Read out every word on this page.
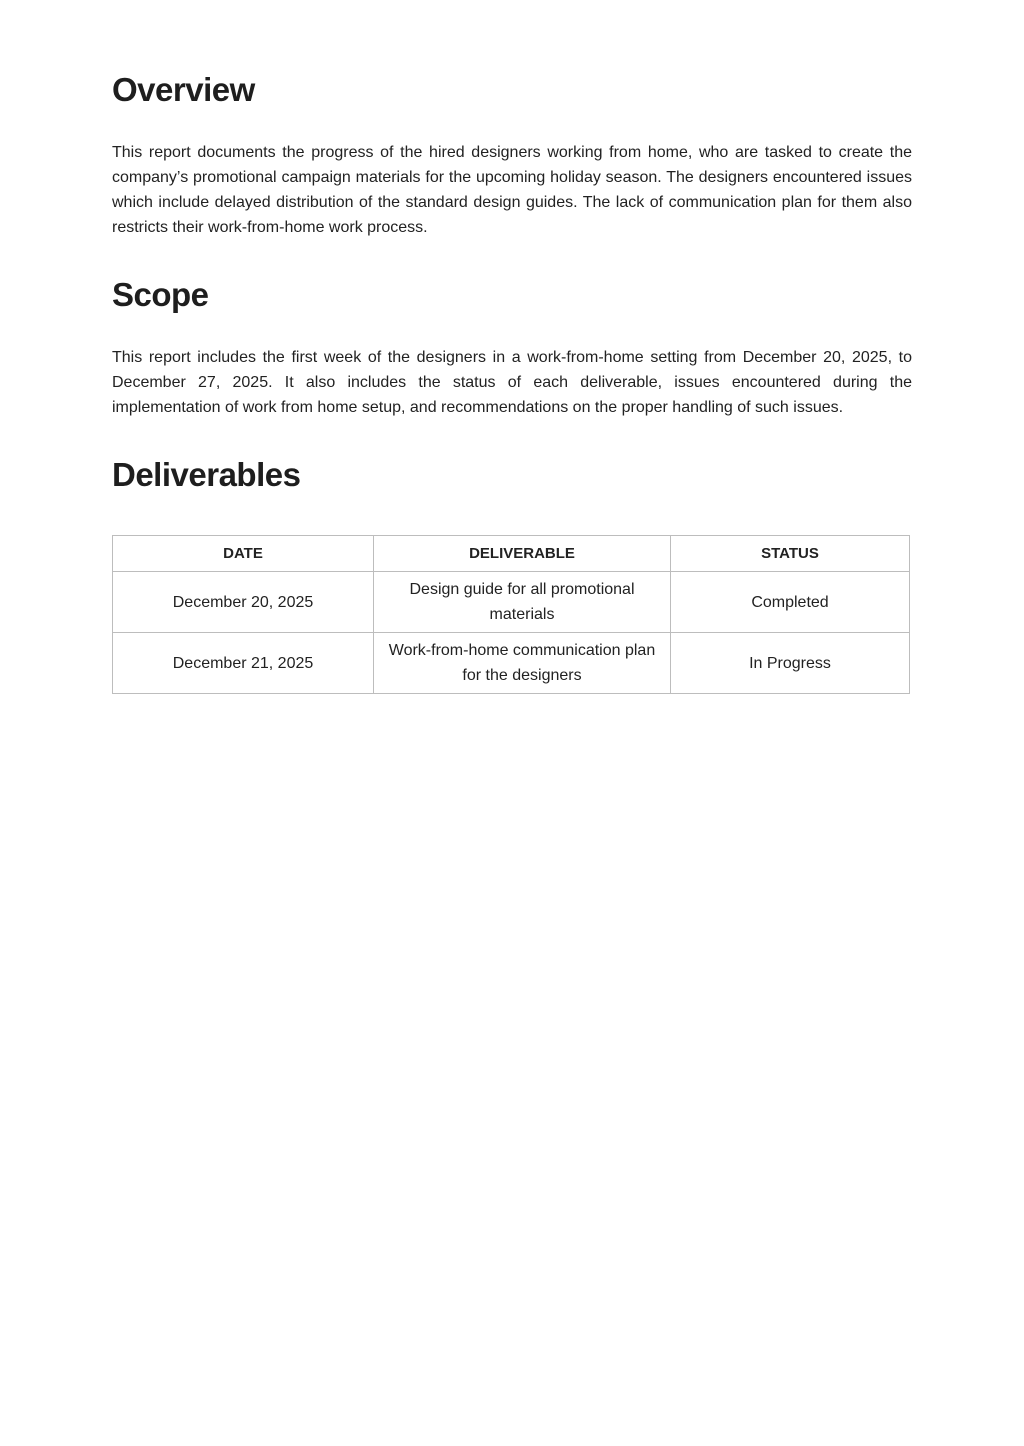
Overview

This report documents the progress of the hired designers working from home, who are tasked to create the company’s promotional campaign materials for the upcoming holiday season. The designers encountered issues which include delayed distribution of the standard design guides. The lack of communication plan for them also restricts their work-from-home work process.

Scope

This report includes the first week of the designers in a work-from-home setting from December 20, 2025, to December 27, 2025. It also includes the status of each deliverable, issues encountered during the implementation of work from home setup, and recommendations on the proper handling of such issues.

Deliverables
DATE	DELIVERABLE	STATUS
December 20, 2025	Design guide for all promotional materials	Completed
December 21, 2025	Work-from-home communication plan for the designers	In Progress
